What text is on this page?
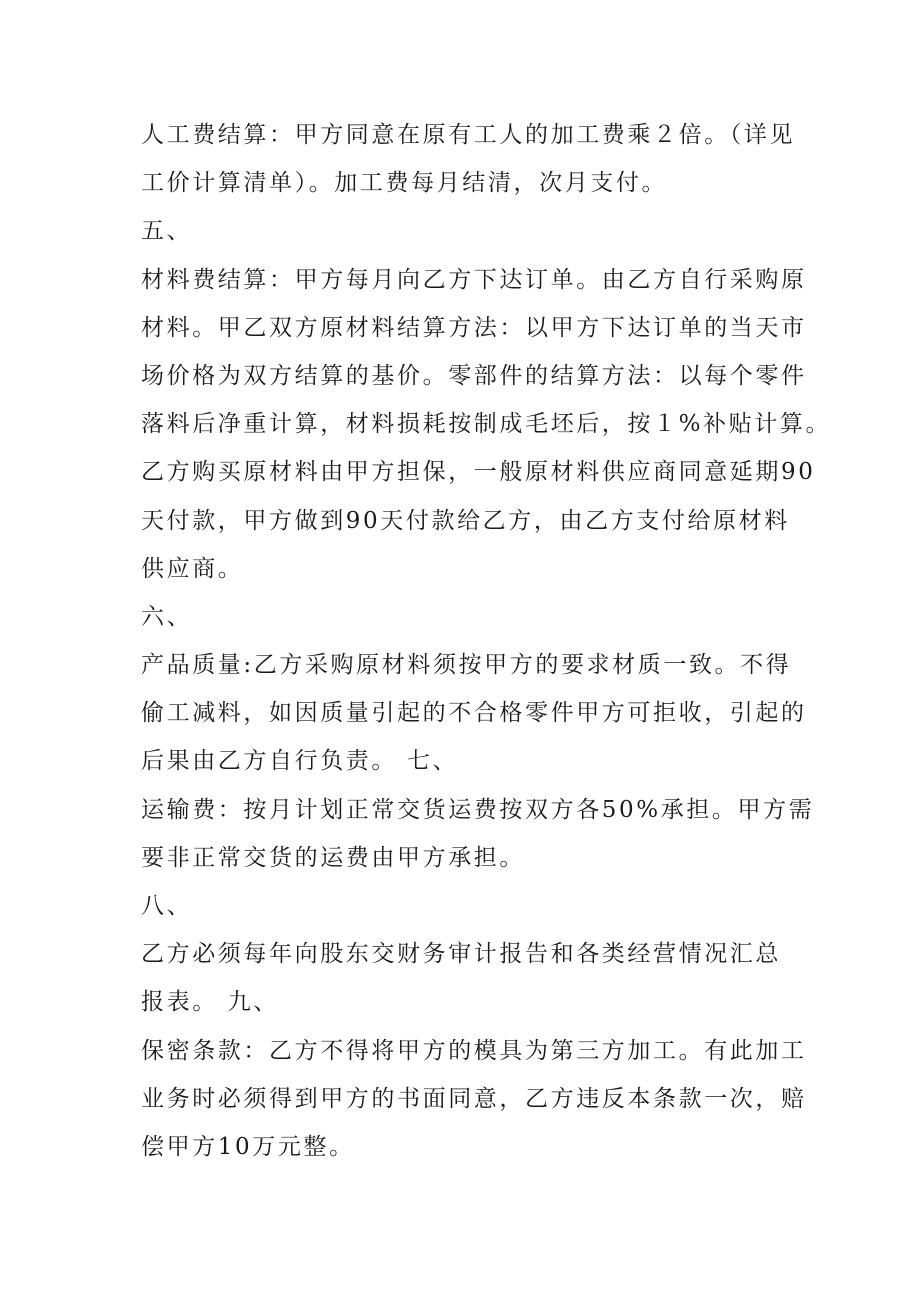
人工费结算：甲方同意在原有工人的加工费乘２倍。（详见
工价计算清单）。加工费每月结清，次月支付。
五、
材料费结算：甲方每月向乙方下达订单。由乙方自行采购原
材料。甲乙双方原材料结算方法：以甲方下达订单的当天市
场价格为双方结算的基价。零部件的结算方法：以每个零件
落料后净重计算，材料损耗按制成毛坯后，按１%补贴计算。
乙方购买原材料由甲方担保，一般原材料供应商同意延期90
天付款，甲方做到90天付款给乙方，由乙方支付给原材料
供应商。
六、
产品质量:乙方采购原材料须按甲方的要求材质一致。不得
偷工减料，如因质量引起的不合格零件甲方可拒收，引起的
后果由乙方自行负责。 七、
运输费：按月计划正常交货运费按双方各50%承担。甲方需
要非正常交货的运费由甲方承担。
八、
乙方必须每年向股东交财务审计报告和各类经营情况汇总
报表。 九、
保密条款：乙方不得将甲方的模具为第三方加工。有此加工
业务时必须得到甲方的书面同意，乙方违反本条款一次，赔
偿甲方10万元整。
